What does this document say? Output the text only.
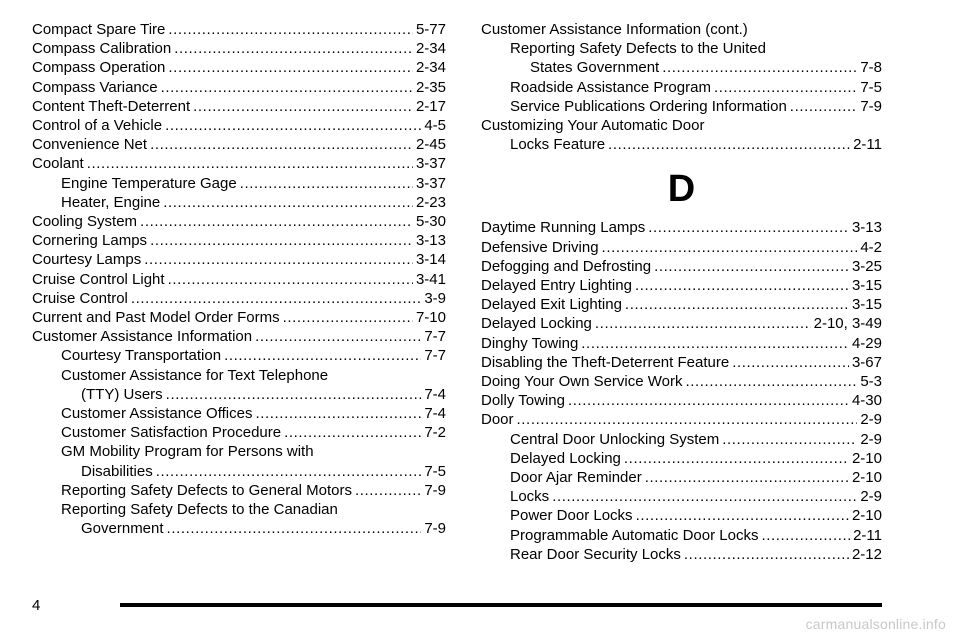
Compact Spare Tire .....	5-77
Compass Calibration .....	2-34
Compass Operation .....	2-34
Compass Variance .....	2-35
Content Theft-Deterrent .....	2-17
Control of a Vehicle .....	4-5
Convenience Net .....	2-45
Coolant .....	3-37
Engine Temperature Gage .....	3-37
Heater, Engine .....	2-23
Cooling System .....	5-30
Cornering Lamps .....	3-13
Courtesy Lamps .....	3-14
Cruise Control Light .....	3-41
Cruise Control .....	3-9
Current and Past Model Order Forms .....	7-10
Customer Assistance Information .....	7-7
Courtesy Transportation .....	7-7
Customer Assistance for Text Telephone
(TTY) Users .....	7-4
Customer Assistance Offices .....	7-4
Customer Satisfaction Procedure .....	7-2
GM Mobility Program for Persons with
Disabilities .....	7-5
Reporting Safety Defects to General Motors .....	7-9
Reporting Safety Defects to the Canadian
Government .....	7-9
Customer Assistance Information (cont.)
Reporting Safety Defects to the United
States Government .....	7-8
Roadside Assistance Program .....	7-5
Service Publications Ordering Information .....	7-9
Customizing Your Automatic Door
Locks Feature .....	2-11
D
Daytime Running Lamps .....	3-13
Defensive Driving .....	4-2
Defogging and Defrosting .....	3-25
Delayed Entry Lighting .....	3-15
Delayed Exit Lighting .....	3-15
Delayed Locking .....	2-10, 3-49
Dinghy Towing .....	4-29
Disabling the Theft-Deterrent Feature .....	3-67
Doing Your Own Service Work .....	5-3
Dolly Towing .....	4-30
Door .....	2-9
Central Door Unlocking System .....	2-9
Delayed Locking .....	2-10
Door Ajar Reminder .....	2-10
Locks .....	2-9
Power Door Locks .....	2-10
Programmable Automatic Door Locks .....	2-11
Rear Door Security Locks .....	2-12
4
carmanualsonline.info
